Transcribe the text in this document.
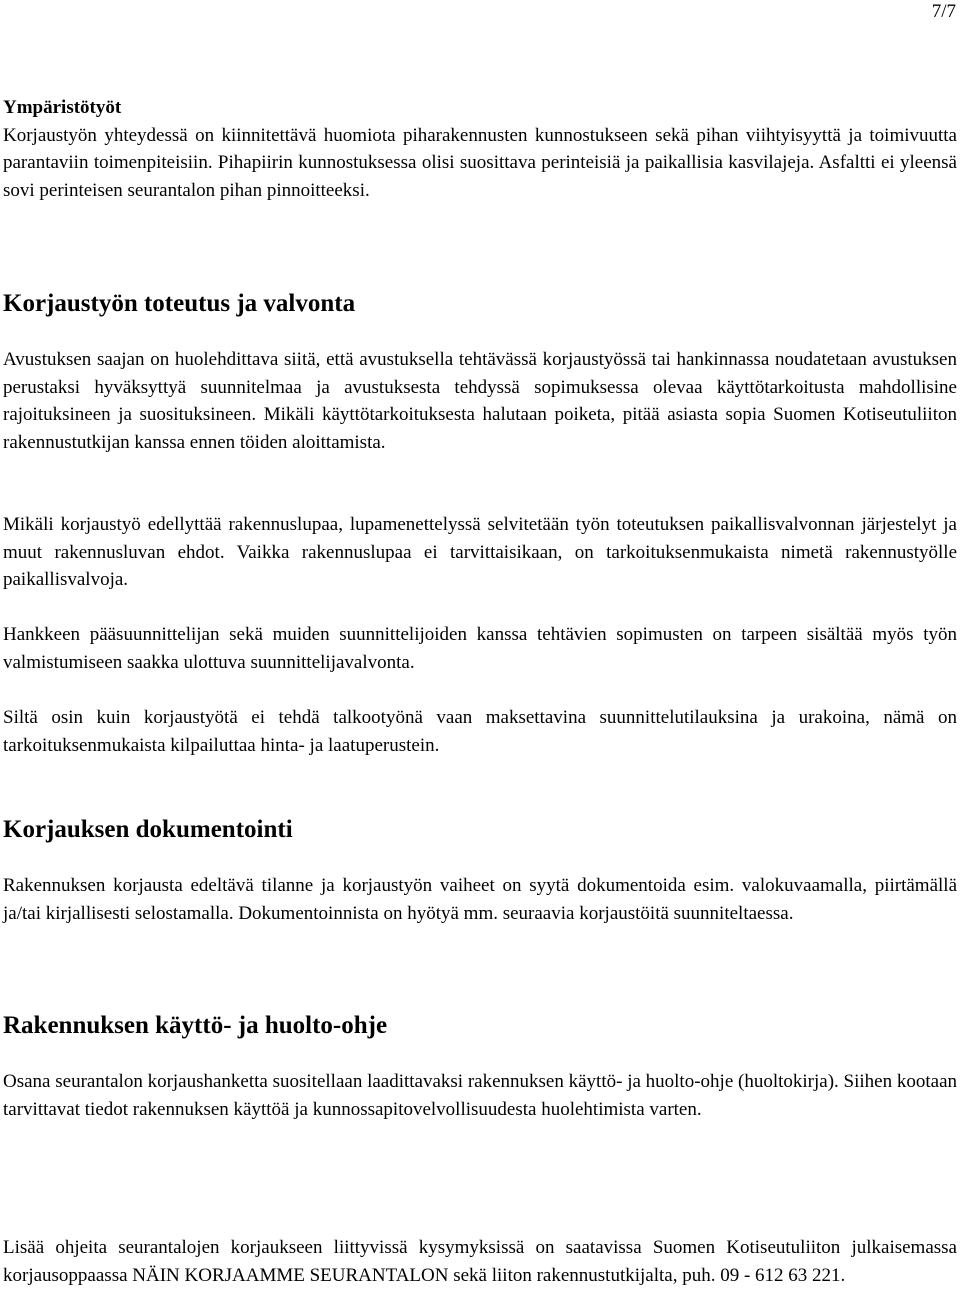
7/7
Ympäristötyöt

Korjaustyön yhteydessä on kiinnitettävä huomiota piharakennusten kunnostukseen sekä pihan viihtyisyyttä ja toimivuutta parantaviin toimenpiteisiin. Pihapiirin kunnostuksessa olisi suosittava perinteisiä ja paikallisia kasvilajeja. Asfaltti ei yleensä sovi perinteisen seurantalon pihan pinnoitteeksi.

Korjaustyön toteutus ja valvonta

Avustuksen saajan on huolehdittava siitä, että avustuksella tehtävässä korjaustyössä tai hankinnassa noudatetaan avustuksen perustaksi hyväksyttyä suunnitelmaa ja avustuksesta tehdyssä sopimuksessa olevaa käyttötarkoitusta mahdollisine rajoituksineen ja suosituksineen. Mikäli käyttötarkoituksesta halutaan poiketa, pitää asiasta sopia Suomen Kotiseutuliiton rakennustutkijan kanssa ennen töiden aloittamista.

Mikäli korjaustyö edellyttää rakennuslupaa, lupamenettelyssä selvitetään työn toteutuksen paikallisvalvonnan järjestelyt ja muut rakennusluvan ehdot. Vaikka rakennuslupaa ei tarvittaisikaan, on tarkoituksenmukaista nimetä rakennustyölle paikallisvalvoja.

Hankkeen pääsuunnittelijan sekä muiden suunnittelijoiden kanssa tehtävien sopimusten on tarpeen sisältää myös työn valmistumiseen saakka ulottuva suunnittelijavalvonta.

Siltä osin kuin korjaustyötä ei tehdä talkootyönä vaan maksettavina suunnittelutilauksina ja urakoina, nämä on tarkoituksenmukaista kilpailuttaa hinta- ja laatuperustein.

Korjauksen dokumentointi

Rakennuksen korjausta edeltävä tilanne ja korjaustyön vaiheet on syytä dokumentoida esim. valokuvaamalla, piirtämällä ja/tai kirjallisesti selostamalla. Dokumentoinnista on hyötyä mm. seuraavia korjaustöitä suunniteltaessa.

Rakennuksen käyttö- ja huolto-ohje

Osana seurantalon korjaushanketta suositellaan laadittavaksi rakennuksen käyttö- ja huolto-ohje (huoltokirja). Siihen kootaan tarvittavat tiedot rakennuksen käyttöä ja kunnossapitovelvollisuudesta huolehtimista varten.

Lisää ohjeita seurantalojen korjaukseen liittyvissä kysymyksissä on saatavissa Suomen Kotiseutuliiton julkaisemassa korjausoppaassa NÄIN KORJAAMME SEURANTALON sekä liiton rakennustutkijalta, puh. 09 - 612 63 221.
